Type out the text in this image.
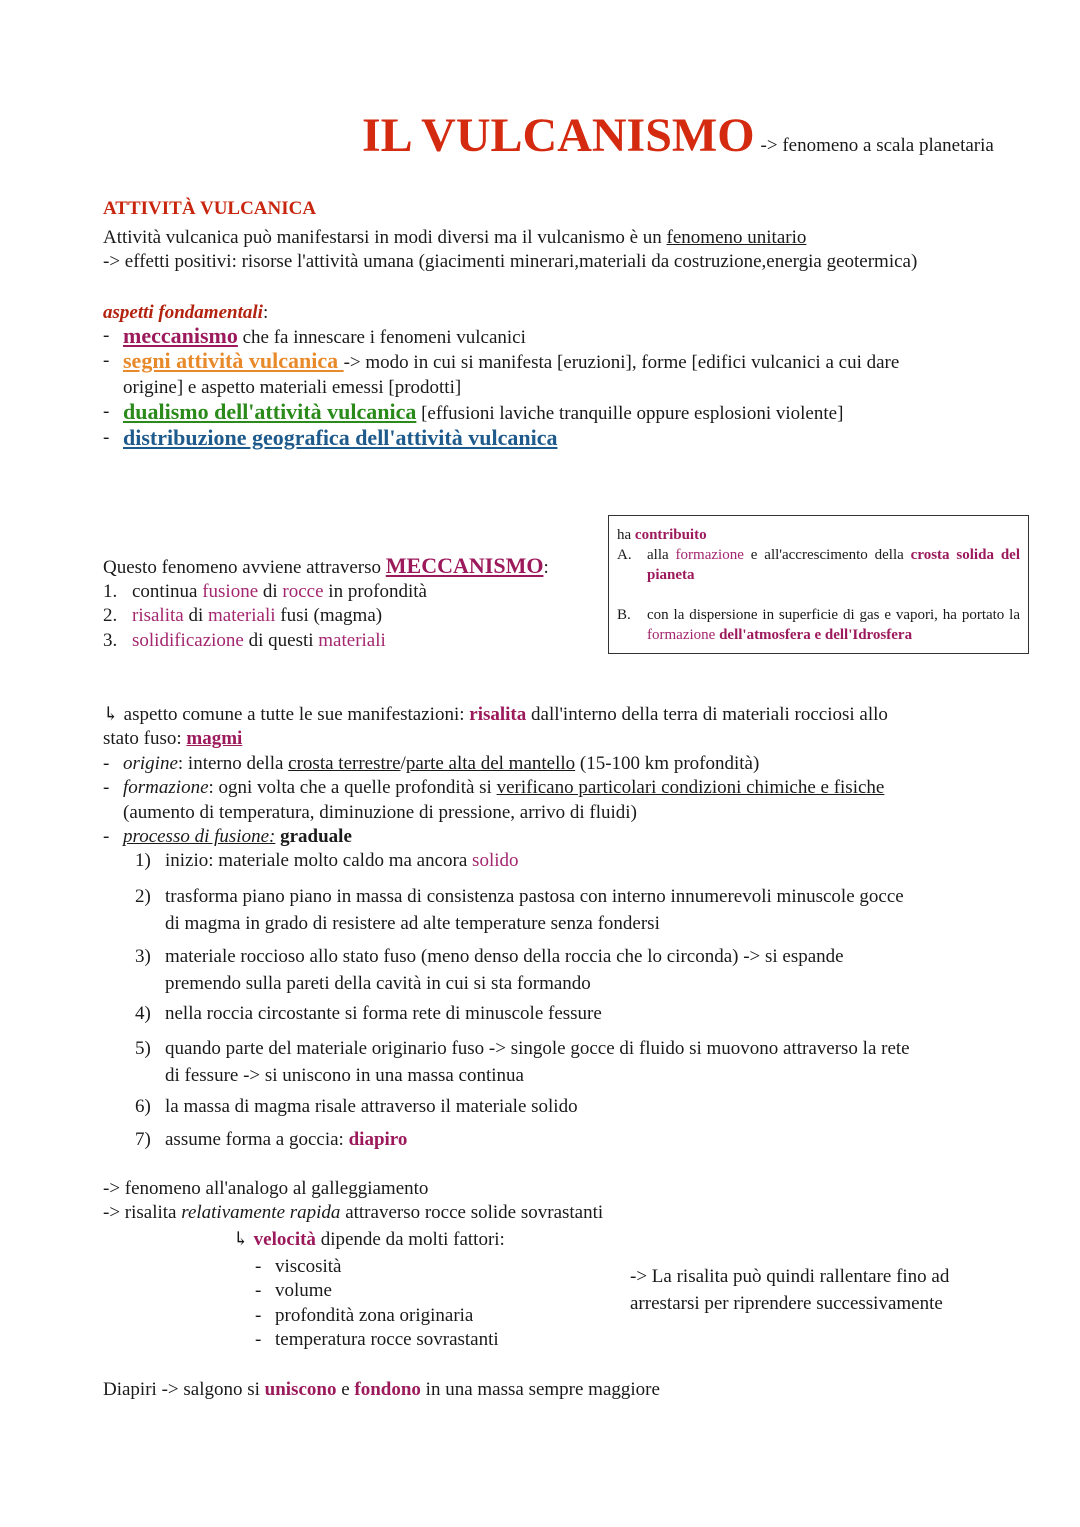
IL VULCANISMO -> fenomeno a scala planetaria
ATTIVITÀ VULCANICA
Attività vulcanica può manifestarsi in modi diversi ma il vulcanismo è un fenomeno unitario
-> effetti positivi: risorse l'attività umana (giacimenti minerari,materiali da costruzione,energia geotermica)
aspetti fondamentali:
- meccanismo che fa innescare i fenomeni vulcanici
- segni attività vulcanica -> modo in cui si manifesta [eruzioni], forme [edifici vulcanici a cui dare
origine] e aspetto materiali emessi [prodotti]
- dualismo dell'attività vulcanica [effusioni laviche tranquille oppure esplosioni violente]
- distribuzione geografica dell'attività vulcanica
Questo fenomeno avviene attraverso MECCANISMO:
1. continua fusione di rocce in profondità
2. risalita di materiali fusi (magma)
3. solidificazione di questi materiali
ha contribuito
A. alla formazione e all'accrescimento della crosta solida del pianeta
B. con la dispersione in superficie di gas e vapori, ha portato la formazione dell'atmosfera e dell'Idrosfera
↳ aspetto comune a tutte le sue manifestazioni: risalita dall'interno della terra di materiali rocciosi allo
stato fuso: magmi
- origine: interno della crosta terrestre/parte alta del mantello (15-100 km profondità)
- formazione: ogni volta che a quelle profondità si verificano particolari condizioni chimiche e fisiche
(aumento di temperatura, diminuzione di pressione, arrivo di fluidi)
- processo di fusione: graduale
1) inizio: materiale molto caldo ma ancora solido
2) trasforma piano piano in massa di consistenza pastosa con interno innumerevoli minuscole gocce
di magma in grado di resistere ad alte temperature senza fondersi
3) materiale roccioso allo stato fuso (meno denso della roccia che lo circonda) -> si espande
premendo sulla pareti della cavità in cui si sta formando
4) nella roccia circostante si forma rete di minuscole fessure
5) quando parte del materiale originario fuso -> singole gocce di fluido si muovono attraverso la rete
di fessure -> si uniscono in una massa continua
6) la massa di magma risale attraverso il materiale solido
7) assume forma a goccia: diapiro
-> fenomeno all'analogo al galleggiamento
-> risalita relativamente rapida attraverso rocce solide sovrastanti
↳ velocità dipende da molti fattori:
- viscosità
- volume
- profondità zona originaria
- temperatura rocce sovrastanti
-> La risalita può quindi rallentare fino ad
arrestarsi per riprendere successivamente
Diapiri -> salgono si uniscono e fondono in una massa sempre maggiore
